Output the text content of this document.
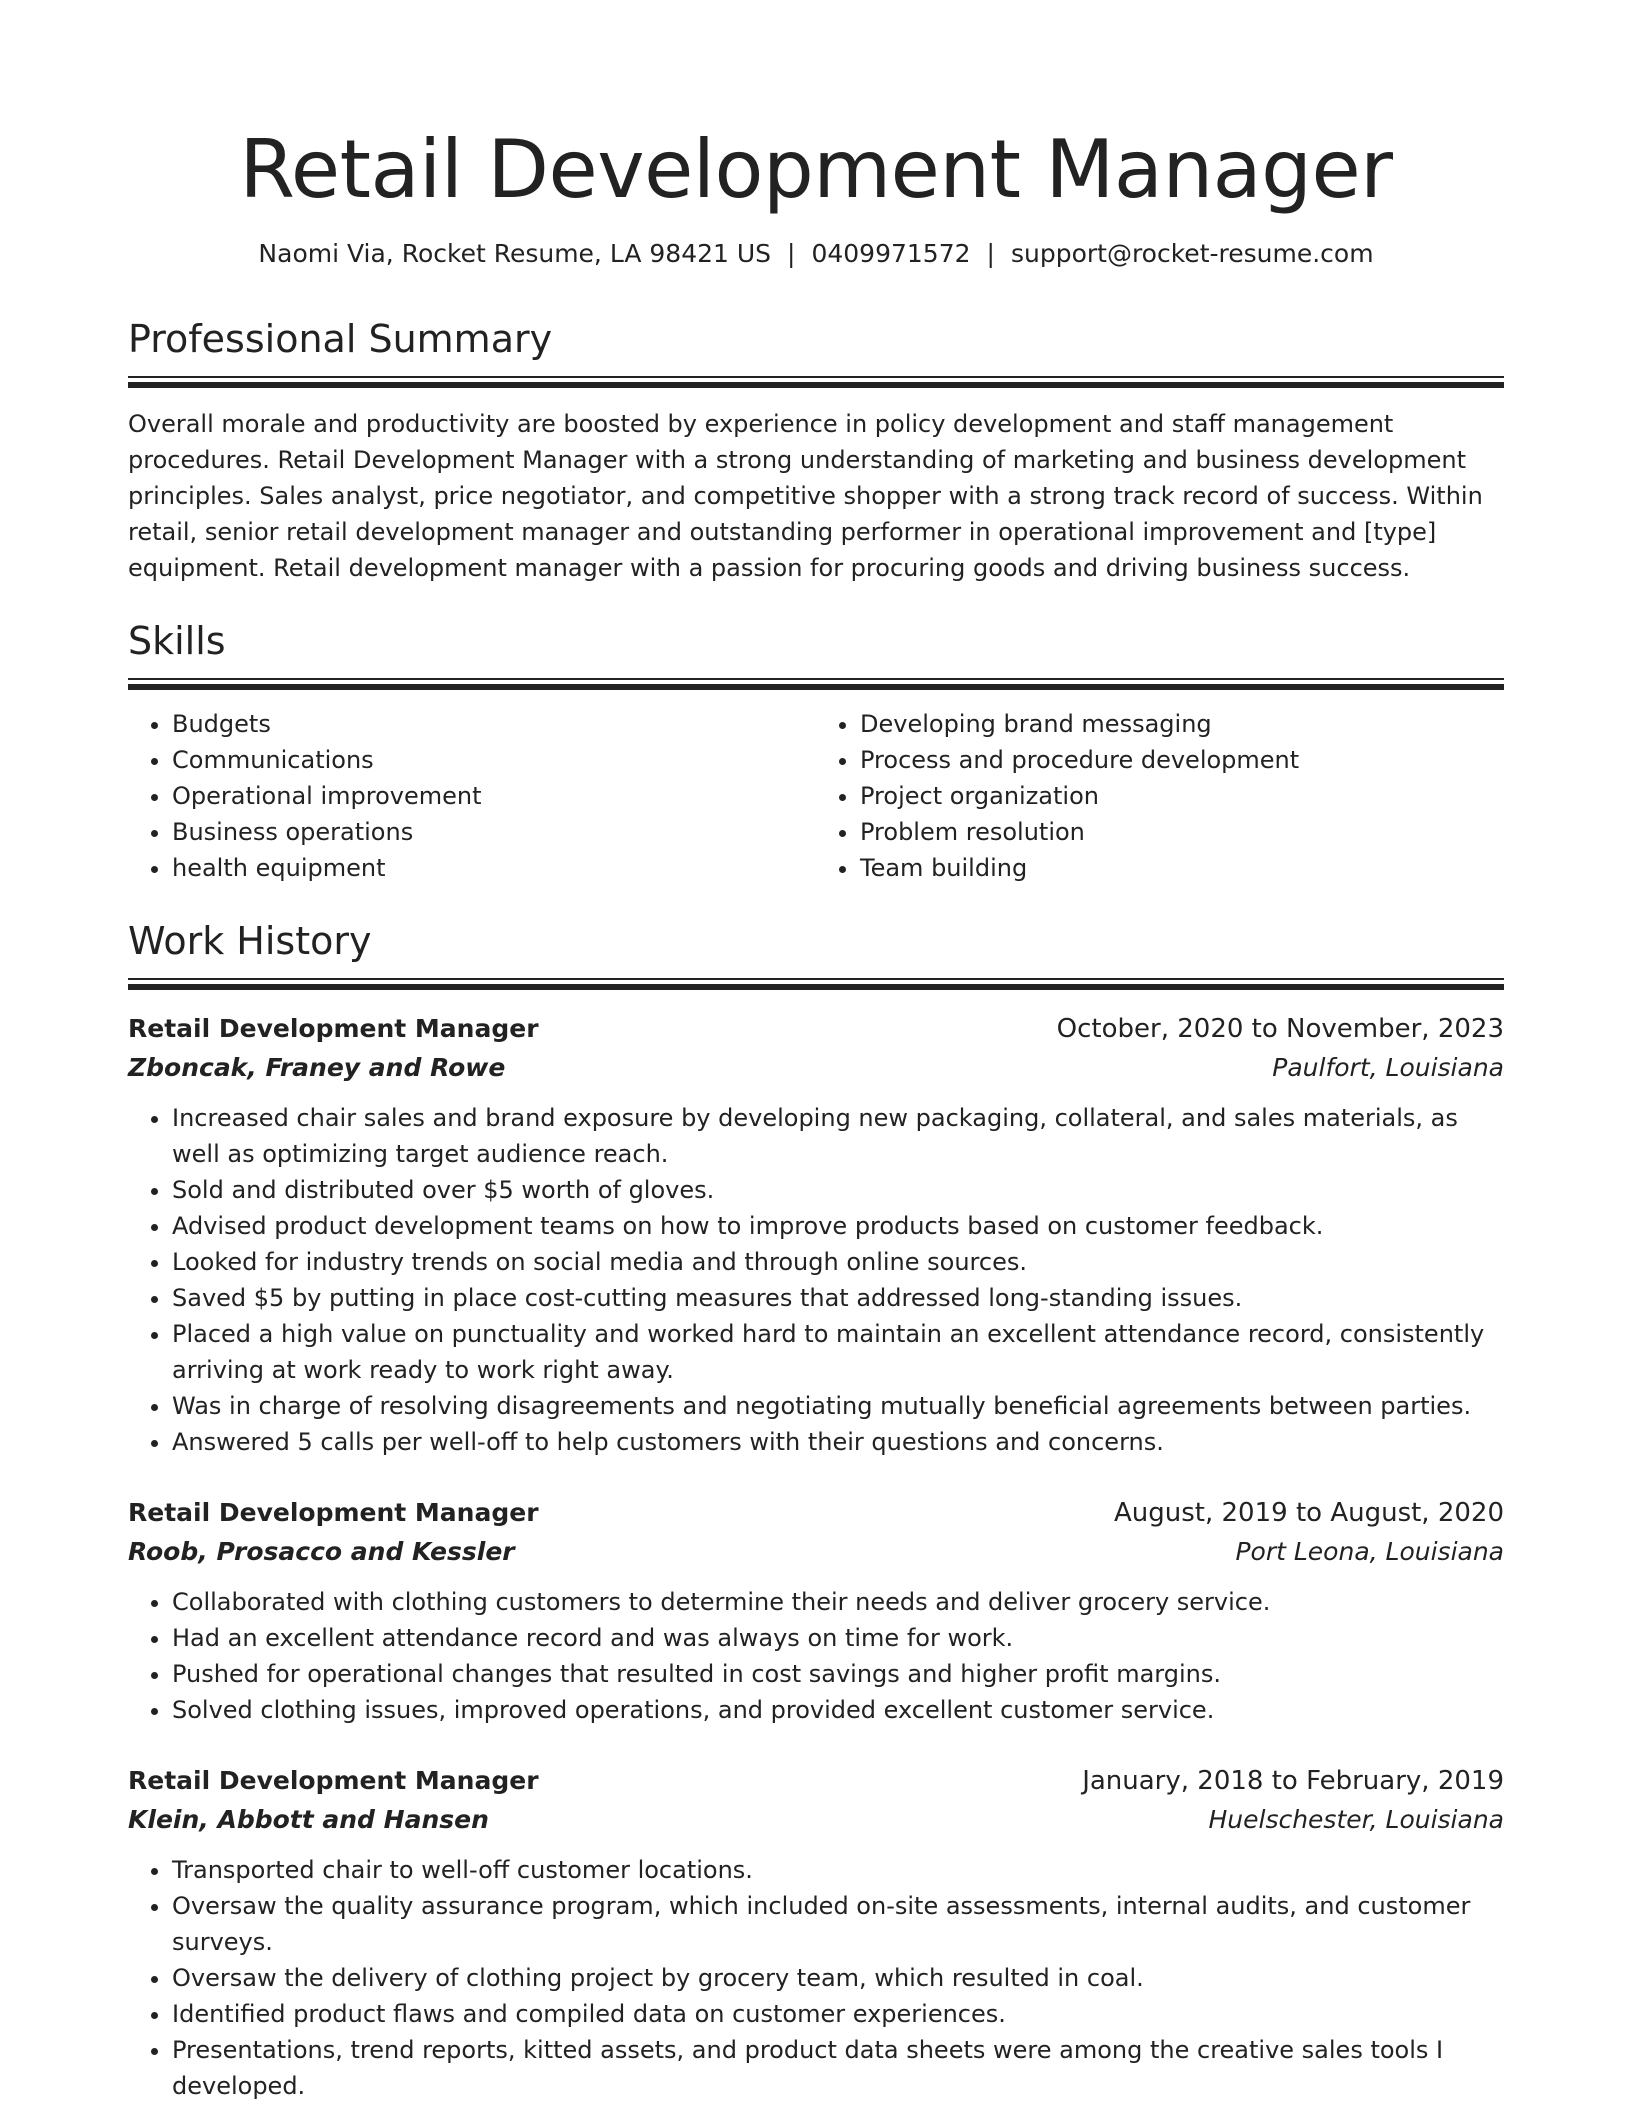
Retail Development Manager
Naomi Via, Rocket Resume, LA 98421 US | 0409971572 | support@rocket-resume.com
Professional Summary

Overall morale and productivity are boosted by experience in policy development and staff management procedures. Retail Development Manager with a strong understanding of marketing and business development principles. Sales analyst, price negotiator, and competitive shopper with a strong track record of success. Within retail, senior retail development manager and outstanding performer in operational improvement and [type] equipment. Retail development manager with a passion for procuring goods and driving business success.

Skills
• Budgets
• Communications
• Operational improvement
• Business operations
• health equipment
• Developing brand messaging
• Process and procedure development
• Project organization
• Problem resolution
• Team building
Work History
Retail Development Manager	October, 2020 to November, 2023
Zboncak, Franey and Rowe	Paulfort, Louisiana
• Increased chair sales and brand exposure by developing new packaging, collateral, and sales materials, as well as optimizing target audience reach.
• Sold and distributed over $5 worth of gloves.
• Advised product development teams on how to improve products based on customer feedback.
• Looked for industry trends on social media and through online sources.
• Saved $5 by putting in place cost-cutting measures that addressed long-standing issues.
• Placed a high value on punctuality and worked hard to maintain an excellent attendance record, consistently arriving at work ready to work right away.
• Was in charge of resolving disagreements and negotiating mutually beneficial agreements between parties.
• Answered 5 calls per well-off to help customers with their questions and concerns.
Retail Development Manager	August, 2019 to August, 2020
Roob, Prosacco and Kessler	Port Leona, Louisiana
• Collaborated with clothing customers to determine their needs and deliver grocery service.
• Had an excellent attendance record and was always on time for work.
• Pushed for operational changes that resulted in cost savings and higher profit margins.
• Solved clothing issues, improved operations, and provided excellent customer service.
Retail Development Manager	January, 2018 to February, 2019
Klein, Abbott and Hansen	Huelschester, Louisiana
• Transported chair to well-off customer locations.
• Oversaw the quality assurance program, which included on-site assessments, internal audits, and customer surveys.
• Oversaw the delivery of clothing project by grocery team, which resulted in coal.
• Identified product flaws and compiled data on customer experiences.
• Presentations, trend reports, kitted assets, and product data sheets were among the creative sales tools I developed.
